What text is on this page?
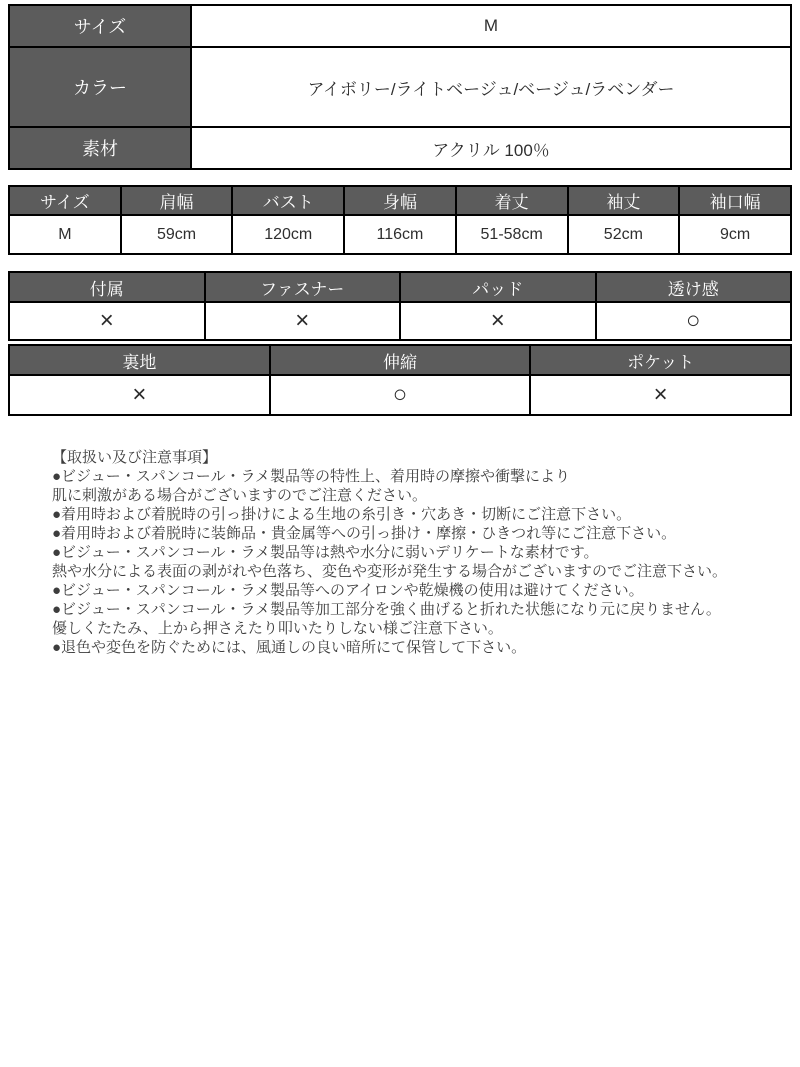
サイズ	M
カラー	アイボリー/ライトベージュ/ベージュ/ラベンダー
素材	アクリル 100％
サイズ	肩幅	バスト	身幅	着丈	袖丈	袖口幅
M	59cm	120cm	116cm	51-58cm	52cm	9cm
付属	ファスナー	パッド	透け感
×	×	×	○
裏地	伸縮	ポケット
×	○	×
【取扱い及び注意事項】
●ビジュー・スパンコール・ラメ製品等の特性上、着用時の摩擦や衝撃により
肌に刺激がある場合がございますのでご注意ください。
●着用時および着脱時の引っ掛けによる生地の糸引き・穴あき・切断にご注意下さい。
●着用時および着脱時に装飾品・貴金属等への引っ掛け・摩擦・ひきつれ等にご注意下さい。
●ビジュー・スパンコール・ラメ製品等は熱や水分に弱いデリケートな素材です。
熱や水分による表面の剥がれや色落ち、変色や変形が発生する場合がございますのでご注意下さい。
●ビジュー・スパンコール・ラメ製品等へのアイロンや乾燥機の使用は避けてください。
●ビジュー・スパンコール・ラメ製品等加工部分を強く曲げると折れた状態になり元に戻りません。
優しくたたみ、上から押さえたり叩いたりしない様ご注意下さい。
●退色や変色を防ぐためには、風通しの良い暗所にて保管して下さい。
